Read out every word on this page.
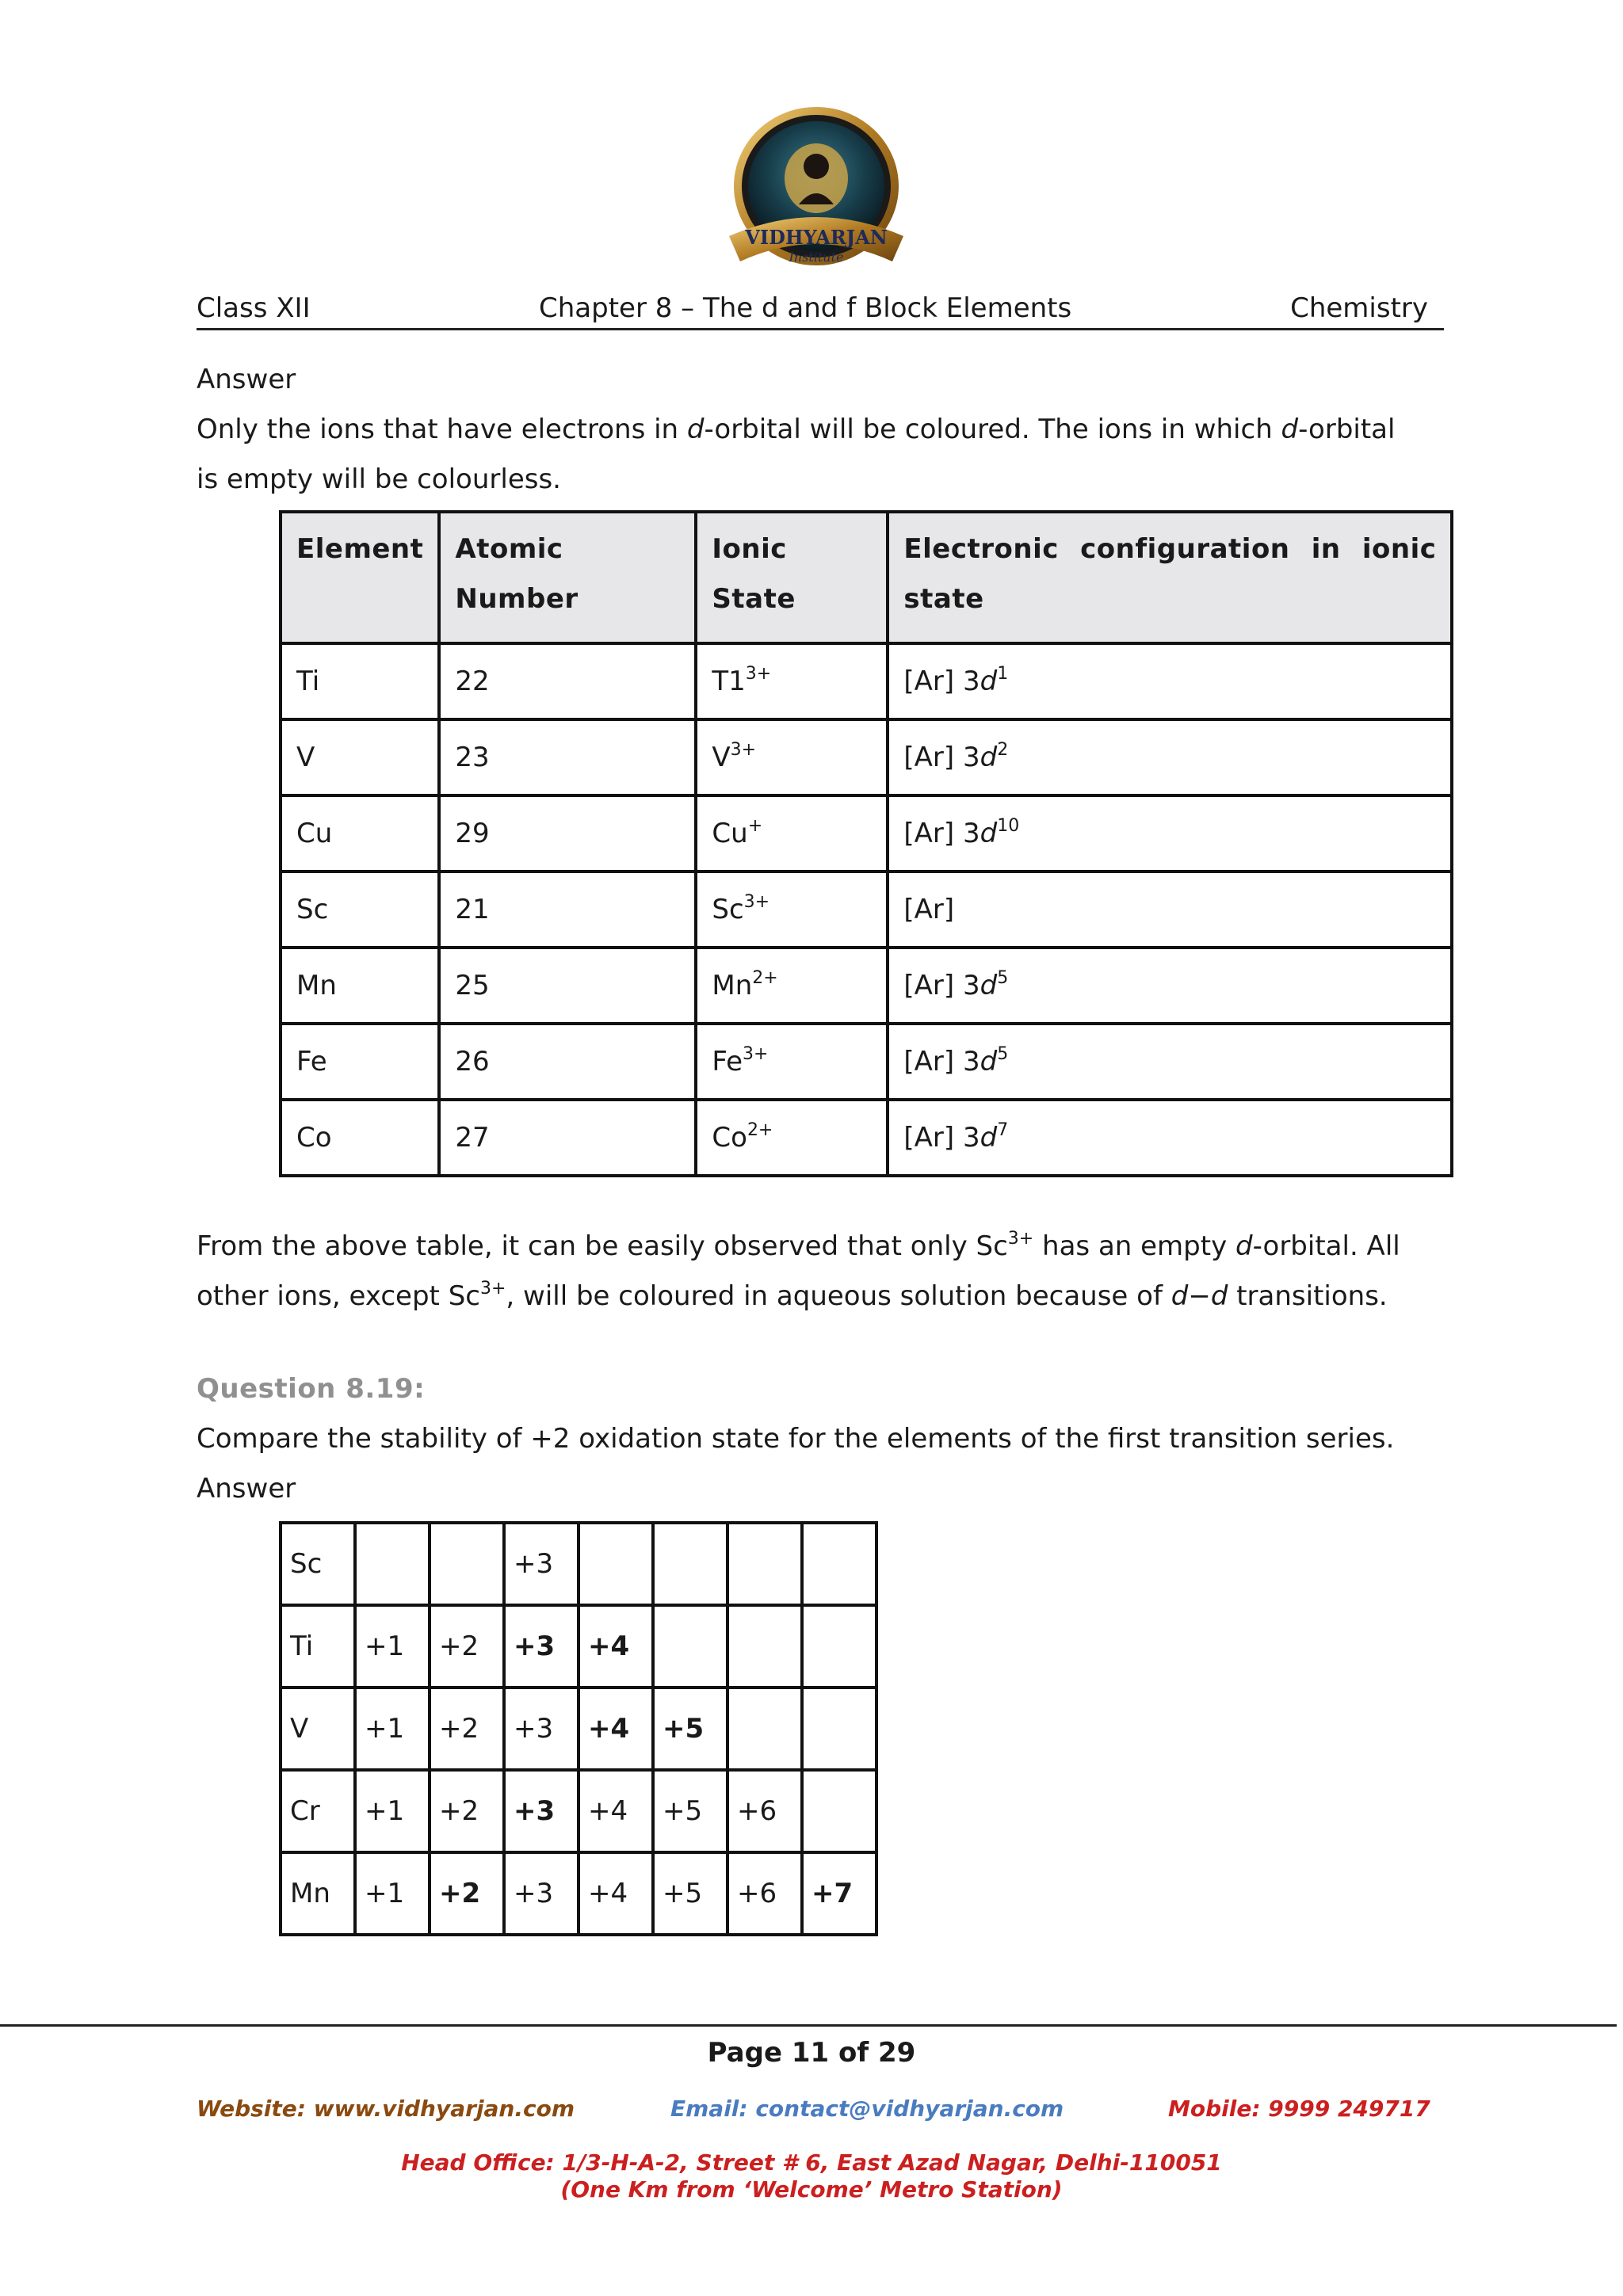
VIDHYARJAN
Institute
Class XII	Chapter 8 – The d and f Block Elements	Chemistry
Answer
Only the ions that have electrons in d-orbital will be coloured. The ions in which d-orbital
is empty will be colourless.
Element	Atomic Number	Ionic State	Electronic configuration in ionic state
Ti	22	$T1^{3+}$	[Ar] $3d^1$
V	23	$V^{3+}$	[Ar] $3d^2$
Cu	29	Cu+	[Ar] $3d^{10}$
Sc	21	$Sc^{3+}$	[Ar]
Mn	25	$Mn^{2+}$	[Ar] $3d^5$
Fe	26	$Fe^{3+}$	[Ar] $3d^5$
Co	27	$Co^{2+}$	[Ar] $3d^7$
From the above table, it can be easily observed that only $Sc^{3+}$ has an empty d-orbital. All
other ions, except $Sc^{3+}$, will be coloured in aqueous solution because of d−d transitions.
Question 8.19:
Compare the stability of +2 oxidation state for the elements of the first transition series.
Answer
Sc			+3				
Ti	+1	+2	+3	+4			
V	+1	+2	+3	+4	+5		
Cr	+1	+2	+3	+4	+5	+6	
Mn	+1	+2	+3	+4	+5	+6	+7
Page 11 of 29
Website: www.vidhyarjan.com	Email: contact@vidhyarjan.com	Mobile: 9999 249717
Head Office: 1/3-H-A-2, Street # 6, East Azad Nagar, Delhi-110051
(One Km from ‘Welcome’ Metro Station)
